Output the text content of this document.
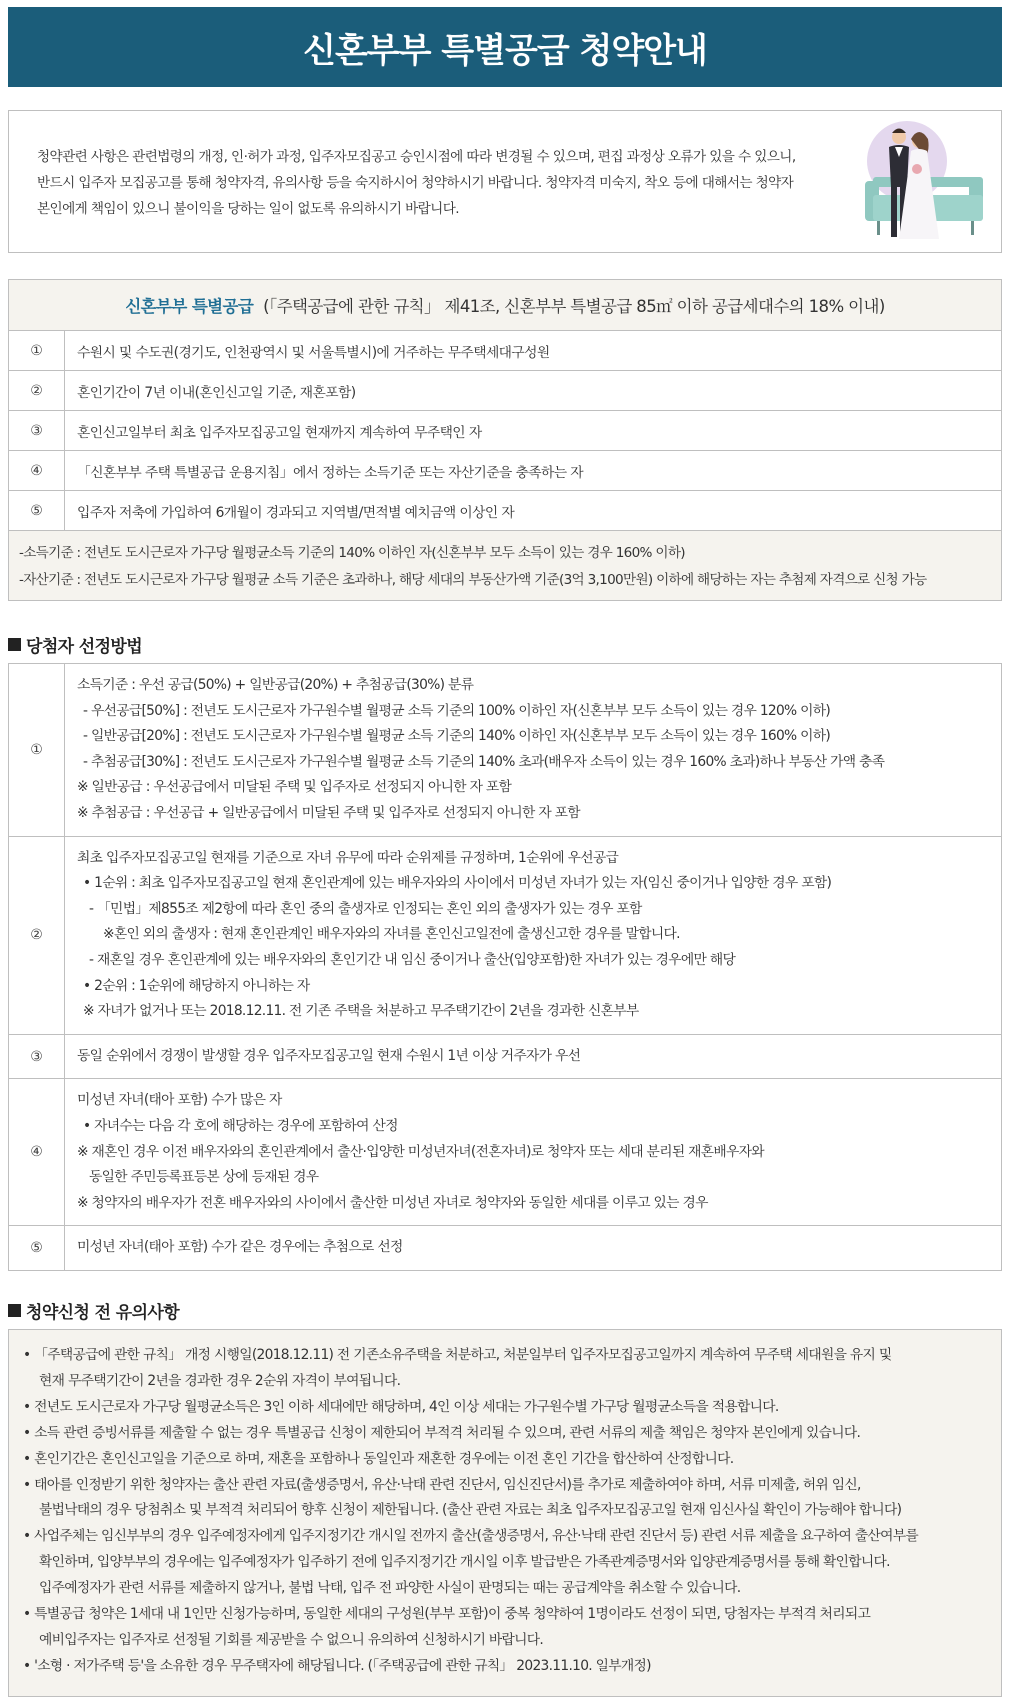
신혼부부 특별공급 청약안내

청약관련 사항은 관련법령의 개정, 인·허가 과정, 입주자모집공고 승인시점에 따라 변경될 수 있으며, 편집 과정상 오류가 있을 수 있으니, 반드시 입주자 모집공고를 통해 청약자격, 유의사항 등을 숙지하시어 청약하시기 바랍니다. 청약자격 미숙지, 착오 등에 대해서는 청약자 본인에게 책임이 있으니 불이익을 당하는 일이 없도록 유의하시기 바랍니다.

신혼부부 특별공급 (「주택공급에 관한 규칙」 제41조, 신혼부부 특별공급 85㎡ 이하 공급세대수의 18% 이내)
①	수원시 및 수도권(경기도, 인천광역시 및 서울특별시)에 거주하는 무주택세대구성원
②	혼인기간이 7년 이내(혼인신고일 기준, 재혼포함)
③	혼인신고일부터 최초 입주자모집공고일 현재까지 계속하여 무주택인 자
④	「신혼부부 주택 특별공급 운용지침」에서 정하는 소득기준 또는 자산기준을 충족하는 자
⑤	입주자 저축에 가입하여 6개월이 경과되고 지역별/면적별 예치금액 이상인 자
-소득기준 : 전년도 도시근로자 가구당 월평균소득 기준의 140% 이하인 자(신혼부부 모두 소득이 있는 경우 160% 이하)
-자산기준 : 전년도 도시근로자 가구당 월평균 소득 기준은 초과하나, 해당 세대의 부동산가액 기준(3억 3,100만원) 이하에 해당하는 자는 추첨제 자격으로 신청 가능
당첨자 선정방법
①
소득기준 : 우선 공급(50%) + 일반공급(20%) + 추첨공급(30%) 분류
- 우선공급[50%] : 전년도 도시근로자 가구원수별 월평균 소득 기준의 100% 이하인 자(신혼부부 모두 소득이 있는 경우 120% 이하)
- 일반공급[20%] : 전년도 도시근로자 가구원수별 월평균 소득 기준의 140% 이하인 자(신혼부부 모두 소득이 있는 경우 160% 이하)
- 추첨공급[30%] : 전년도 도시근로자 가구원수별 월평균 소득 기준의 140% 초과(배우자 소득이 있는 경우 160% 초과)하나 부동산 가액 충족
※ 일반공급 : 우선공급에서 미달된 주택 및 입주자로 선정되지 아니한 자 포함
※ 추첨공급 : 우선공급 + 일반공급에서 미달된 주택 및 입주자로 선정되지 아니한 자 포함
②
최초 입주자모집공고일 현재를 기준으로 자녀 유무에 따라 순위제를 규정하며, 1순위에 우선공급
• 1순위 : 최초 입주자모집공고일 현재 혼인관계에 있는 배우자와의 사이에서 미성년 자녀가 있는 자(임신 중이거나 입양한 경우 포함)
- 「민법」제855조 제2항에 따라 혼인 중의 출생자로 인정되는 혼인 외의 출생자가 있는 경우 포함
※혼인 외의 출생자 : 현재 혼인관계인 배우자와의 자녀를 혼인신고일전에 출생신고한 경우를 말합니다.
- 재혼일 경우 혼인관계에 있는 배우자와의 혼인기간 내 임신 중이거나 출산(입양포함)한 자녀가 있는 경우에만 해당
• 2순위 : 1순위에 해당하지 아니하는 자
※ 자녀가 없거나 또는 2018.12.11. 전 기존 주택을 처분하고 무주택기간이 2년을 경과한 신혼부부
③	동일 순위에서 경쟁이 발생할 경우 입주자모집공고일 현재 수원시 1년 이상 거주자가 우선
④
미성년 자녀(태아 포함) 수가 많은 자
• 자녀수는 다음 각 호에 해당하는 경우에 포함하여 산정
※ 재혼인 경우 이전 배우자와의 혼인관계에서 출산·입양한 미성년자녀(전혼자녀)로 청약자 또는 세대 분리된 재혼배우자와
동일한 주민등록표등본 상에 등재된 경우
※ 청약자의 배우자가 전혼 배우자와의 사이에서 출산한 미성년 자녀로 청약자와 동일한 세대를 이루고 있는 경우
⑤	미성년 자녀(태아 포함) 수가 같은 경우에는 추첨으로 선정
청약신청 전 유의사항
• 「주택공급에 관한 규칙」 개정 시행일(2018.12.11) 전 기존소유주택을 처분하고, 처분일부터 입주자모집공고일까지 계속하여 무주택 세대원을 유지 및
현재 무주택기간이 2년을 경과한 경우 2순위 자격이 부여됩니다.
• 전년도 도시근로자 가구당 월평균소득은 3인 이하 세대에만 해당하며, 4인 이상 세대는 가구원수별 가구당 월평균소득을 적용합니다.
• 소득 관련 증빙서류를 제출할 수 없는 경우 특별공급 신청이 제한되어 부적격 처리될 수 있으며, 관련 서류의 제출 책임은 청약자 본인에게 있습니다.
• 혼인기간은 혼인신고일을 기준으로 하며, 재혼을 포함하나 동일인과 재혼한 경우에는 이전 혼인 기간을 합산하여 산정합니다.
• 태아를 인정받기 위한 청약자는 출산 관련 자료(출생증명서, 유산·낙태 관련 진단서, 임신진단서)를 추가로 제출하여야 하며, 서류 미제출, 허위 임신,
불법낙태의 경우 당첨취소 및 부적격 처리되어 향후 신청이 제한됩니다. (출산 관련 자료는 최초 입주자모집공고일 현재 임신사실 확인이 가능해야 합니다)
• 사업주체는 임신부부의 경우 입주예정자에게 입주지정기간 개시일 전까지 출산(출생증명서, 유산·낙태 관련 진단서 등) 관련 서류 제출을 요구하여 출산여부를
확인하며, 입양부부의 경우에는 입주예정자가 입주하기 전에 입주지정기간 개시일 이후 발급받은 가족관계증명서와 입양관계증명서를 통해 확인합니다.
입주예정자가 관련 서류를 제출하지 않거나, 불법 낙태, 입주 전 파양한 사실이 판명되는 때는 공급계약을 취소할 수 있습니다.
• 특별공급 청약은 1세대 내 1인만 신청가능하며, 동일한 세대의 구성원(부부 포함)이 중복 청약하여 1명이라도 선정이 되면, 당첨자는 부적격 처리되고
예비입주자는 입주자로 선정될 기회를 제공받을 수 없으니 유의하여 신청하시기 바랍니다.
• '소형 · 저가주택 등'을 소유한 경우 무주택자에 해당됩니다. (「주택공급에 관한 규칙」 2023.11.10. 일부개정)
